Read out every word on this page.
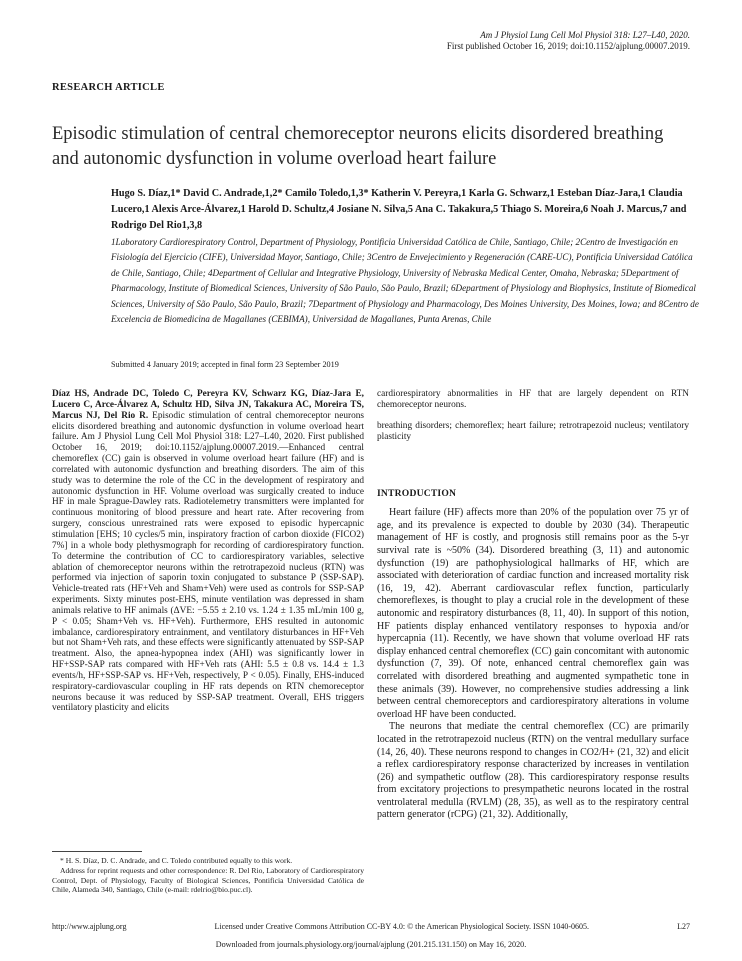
Am J Physiol Lung Cell Mol Physiol 318: L27–L40, 2020.
First published October 16, 2019; doi:10.1152/ajplung.00007.2019.
RESEARCH ARTICLE
Episodic stimulation of central chemoreceptor neurons elicits disordered breathing and autonomic dysfunction in volume overload heart failure
Hugo S. Díaz,1* David C. Andrade,1,2* Camilo Toledo,1,3* Katherin V. Pereyra,1 Karla G. Schwarz,1 Esteban Díaz-Jara,1 Claudia Lucero,1 Alexis Arce-Álvarez,1 Harold D. Schultz,4 Josiane N. Silva,5 Ana C. Takakura,5 Thiago S. Moreira,6 Noah J. Marcus,7 and Rodrigo Del Rio1,3,8
1Laboratory Cardiorespiratory Control, Department of Physiology, Pontificia Universidad Católica de Chile, Santiago, Chile; 2Centro de Investigación en Fisiología del Ejercicio (CIFE), Universidad Mayor, Santiago, Chile; 3Centro de Envejecimiento y Regeneración (CARE-UC), Pontificia Universidad Católica de Chile, Santiago, Chile; 4Department of Cellular and Integrative Physiology, University of Nebraska Medical Center, Omaha, Nebraska; 5Department of Pharmacology, Institute of Biomedical Sciences, University of São Paulo, São Paulo, Brazil; 6Department of Physiology and Biophysics, Institute of Biomedical Sciences, University of São Paulo, São Paulo, Brazil; 7Department of Physiology and Pharmacology, Des Moines University, Des Moines, Iowa; and 8Centro de Excelencia de Biomedicina de Magallanes (CEBIMA), Universidad de Magallanes, Punta Arenas, Chile
Submitted 4 January 2019; accepted in final form 23 September 2019
Díaz HS, Andrade DC, Toledo C, Pereyra KV, Schwarz KG, Díaz-Jara E, Lucero C, Arce-Álvarez A, Schultz HD, Silva JN, Takakura AC, Moreira TS, Marcus NJ, Del Rio R. Episodic stimulation of central chemoreceptor neurons elicits disordered breathing and autonomic dysfunction in volume overload heart failure. Am J Physiol Lung Cell Mol Physiol 318: L27–L40, 2020. First published October 16, 2019; doi:10.1152/ajplung.00007.2019.—Enhanced central chemoreflex (CC) gain is observed in volume overload heart failure (HF) and is correlated with autonomic dysfunction and breathing disorders. The aim of this study was to determine the role of the CC in the development of respiratory and autonomic dysfunction in HF. Volume overload was surgically created to induce HF in male Sprague-Dawley rats. Radiotelemetry transmitters were implanted for continuous monitoring of blood pressure and heart rate. After recovering from surgery, conscious unrestrained rats were exposed to episodic hypercapnic stimulation [EHS; 10 cycles/5 min, inspiratory fraction of carbon dioxide (FICO2) 7%] in a whole body plethysmograph for recording of cardiorespiratory function. To determine the contribution of CC to cardiorespiratory variables, selective ablation of chemoreceptor neurons within the retrotrapezoid nucleus (RTN) was performed via injection of saporin toxin conjugated to substance P (SSP-SAP). Vehicle-treated rats (HF+Veh and Sham+Veh) were used as controls for SSP-SAP experiments. Sixty minutes post-EHS, minute ventilation was depressed in sham animals relative to HF animals (ΔVE: −5.55 ± 2.10 vs. 1.24 ± 1.35 mL/min 100 g, P < 0.05; Sham+Veh vs. HF+Veh). Furthermore, EHS resulted in autonomic imbalance, cardiorespiratory entrainment, and ventilatory disturbances in HF+Veh but not Sham+Veh rats, and these effects were significantly attenuated by SSP-SAP treatment. Also, the apnea-hypopnea index (AHI) was significantly lower in HF+SSP-SAP rats compared with HF+Veh rats (AHI: 5.5 ± 0.8 vs. 14.4 ± 1.3 events/h, HF+SSP-SAP vs. HF+Veh, respectively, P < 0.05). Finally, EHS-induced respiratory-cardiovascular coupling in HF rats depends on RTN chemoreceptor neurons because it was reduced by SSP-SAP treatment. Overall, EHS triggers ventilatory plasticity and elicits
cardiorespiratory abnormalities in HF that are largely dependent on RTN chemoreceptor neurons.
breathing disorders; chemoreflex; heart failure; retrotrapezoid nucleus; ventilatory plasticity
INTRODUCTION

Heart failure (HF) affects more than 20% of the population over 75 yr of age, and its prevalence is expected to double by 2030 (34). Therapeutic management of HF is costly, and prognosis still remains poor as the 5-yr survival rate is ~50% (34). Disordered breathing (3, 11) and autonomic dysfunction (19) are pathophysiological hallmarks of HF, which are associated with deterioration of cardiac function and increased mortality risk (16, 19, 42). Aberrant cardiovascular reflex function, particularly chemoreflexes, is thought to play a crucial role in the development of these autonomic and respiratory disturbances (8, 11, 40). In support of this notion, HF patients display enhanced ventilatory responses to hypoxia and/or hypercapnia (11). Recently, we have shown that volume overload HF rats display enhanced central chemoreflex (CC) gain concomitant with autonomic dysfunction (7, 39). Of note, enhanced central chemoreflex gain was correlated with disordered breathing and augmented sympathetic tone in these animals (39). However, no comprehensive studies addressing a link between central chemoreceptors and cardiorespiratory alterations in volume overload HF have been conducted.

The neurons that mediate the central chemoreflex (CC) are primarily located in the retrotrapezoid nucleus (RTN) on the ventral medullary surface (14, 26, 40). These neurons respond to changes in CO2/H+ (21, 32) and elicit a reflex cardiorespiratory response characterized by increases in ventilation (26) and sympathetic outflow (28). This cardiorespiratory response results from excitatory projections to presympathetic neurons located in the rostral ventrolateral medulla (RVLM) (28, 35), as well as to the respiratory central pattern generator (rCPG) (21, 32). Additionally,

* H. S. Díaz, D. C. Andrade, and C. Toledo contributed equally to this work.

Address for reprint requests and other correspondence: R. Del Rio, Laboratory of Cardiorespiratory Control, Dept. of Physiology, Faculty of Biological Sciences, Pontificia Universidad Católica de Chile, Alameda 340, Santiago, Chile (e-mail: rdelrio@bio.puc.cl).

http://www.ajplung.org	Licensed under Creative Commons Attribution CC-BY 4.0: © the American Physiological Society. ISSN 1040-0605.	L27
Downloaded from journals.physiology.org/journal/ajplung (201.215.131.150) on May 16, 2020.
